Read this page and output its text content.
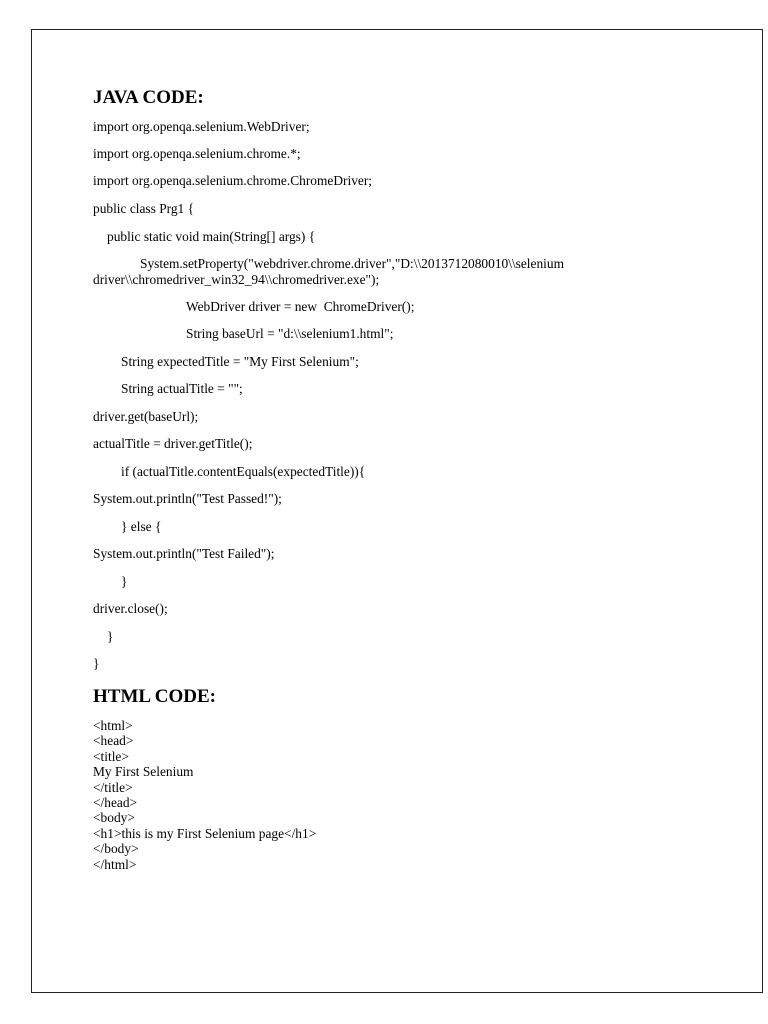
JAVA CODE:
import org.openqa.selenium.WebDriver;
import org.openqa.selenium.chrome.*;
import org.openqa.selenium.chrome.ChromeDriver;
public class Prg1 {
public static void main(String[] args) {
System.setProperty("webdriver.chrome.driver","D:\\2013712080010\\selenium
driver\\chromedriver_win32_94\\chromedriver.exe");
WebDriver driver = new  ChromeDriver();
String baseUrl = "d:\\selenium1.html";
String expectedTitle = "My First Selenium";
String actualTitle = "";
driver.get(baseUrl);
actualTitle = driver.getTitle();
if (actualTitle.contentEquals(expectedTitle)){
System.out.println("Test Passed!");
} else {
System.out.println("Test Failed");
}
driver.close();
}
}
HTML CODE:
<html>
<head>
<title>
My First Selenium
</title>
</head>
<body>
<h1>this is my First Selenium page</h1>
</body>
</html>
